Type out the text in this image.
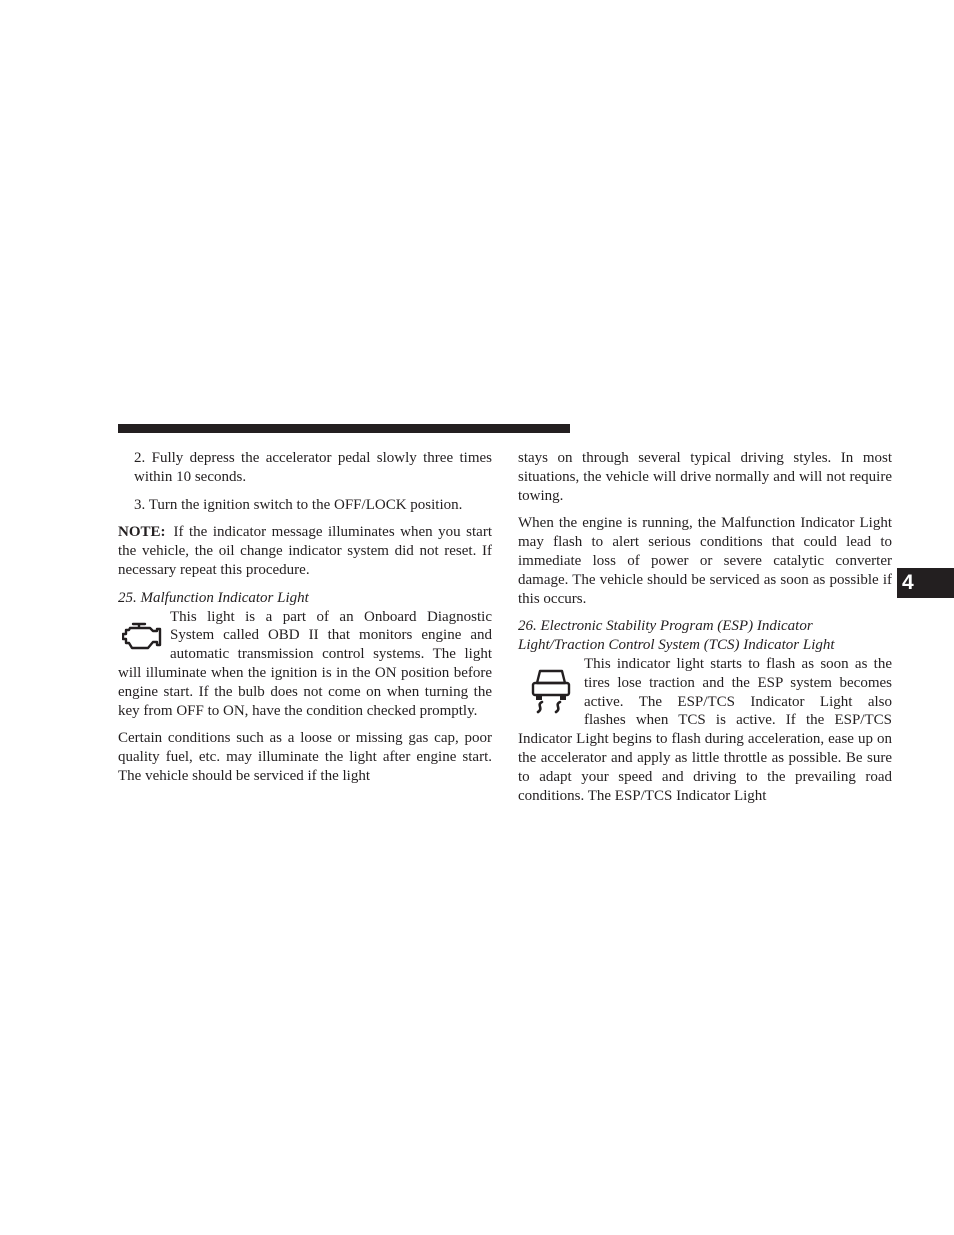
4

2. Fully depress the accelerator pedal slowly three times within 10 seconds.

3. Turn the ignition switch to the OFF/LOCK position.

NOTE: If the indicator message illuminates when you start the vehicle, the oil change indicator system did not reset. If necessary repeat this procedure.

25. Malfunction Indicator Light

This light is a part of an Onboard Diagnostic
System called OBD II that monitors engine and
automatic transmission control systems. The light

will illuminate when the ignition is in the ON position before engine start. If the bulb does not come on when turning the key from OFF to ON, have the condition checked promptly.

Certain conditions such as a loose or missing gas cap, poor quality fuel, etc. may illuminate the light after engine start. The vehicle should be serviced if the light

stays on through several typical driving styles. In most situations, the vehicle will drive normally and will not require towing.

When the engine is running, the Malfunction Indicator Light may flash to alert serious conditions that could lead to immediate loss of power or severe catalytic converter damage. The vehicle should be serviced as soon as possible if this occurs.

26. Electronic Stability Program (ESP) Indicator
Light/Traction Control System (TCS) Indicator Light

This indicator light starts to flash as soon as the
tires lose traction and the ESP system becomes
active. The ESP/TCS Indicator Light also
flashes when TCS is active. If the ESP/TCS

Indicator Light begins to flash during acceleration, ease up on the accelerator and apply as little throttle as possible. Be sure to adapt your speed and driving to the prevailing road conditions. The ESP/TCS Indicator Light
